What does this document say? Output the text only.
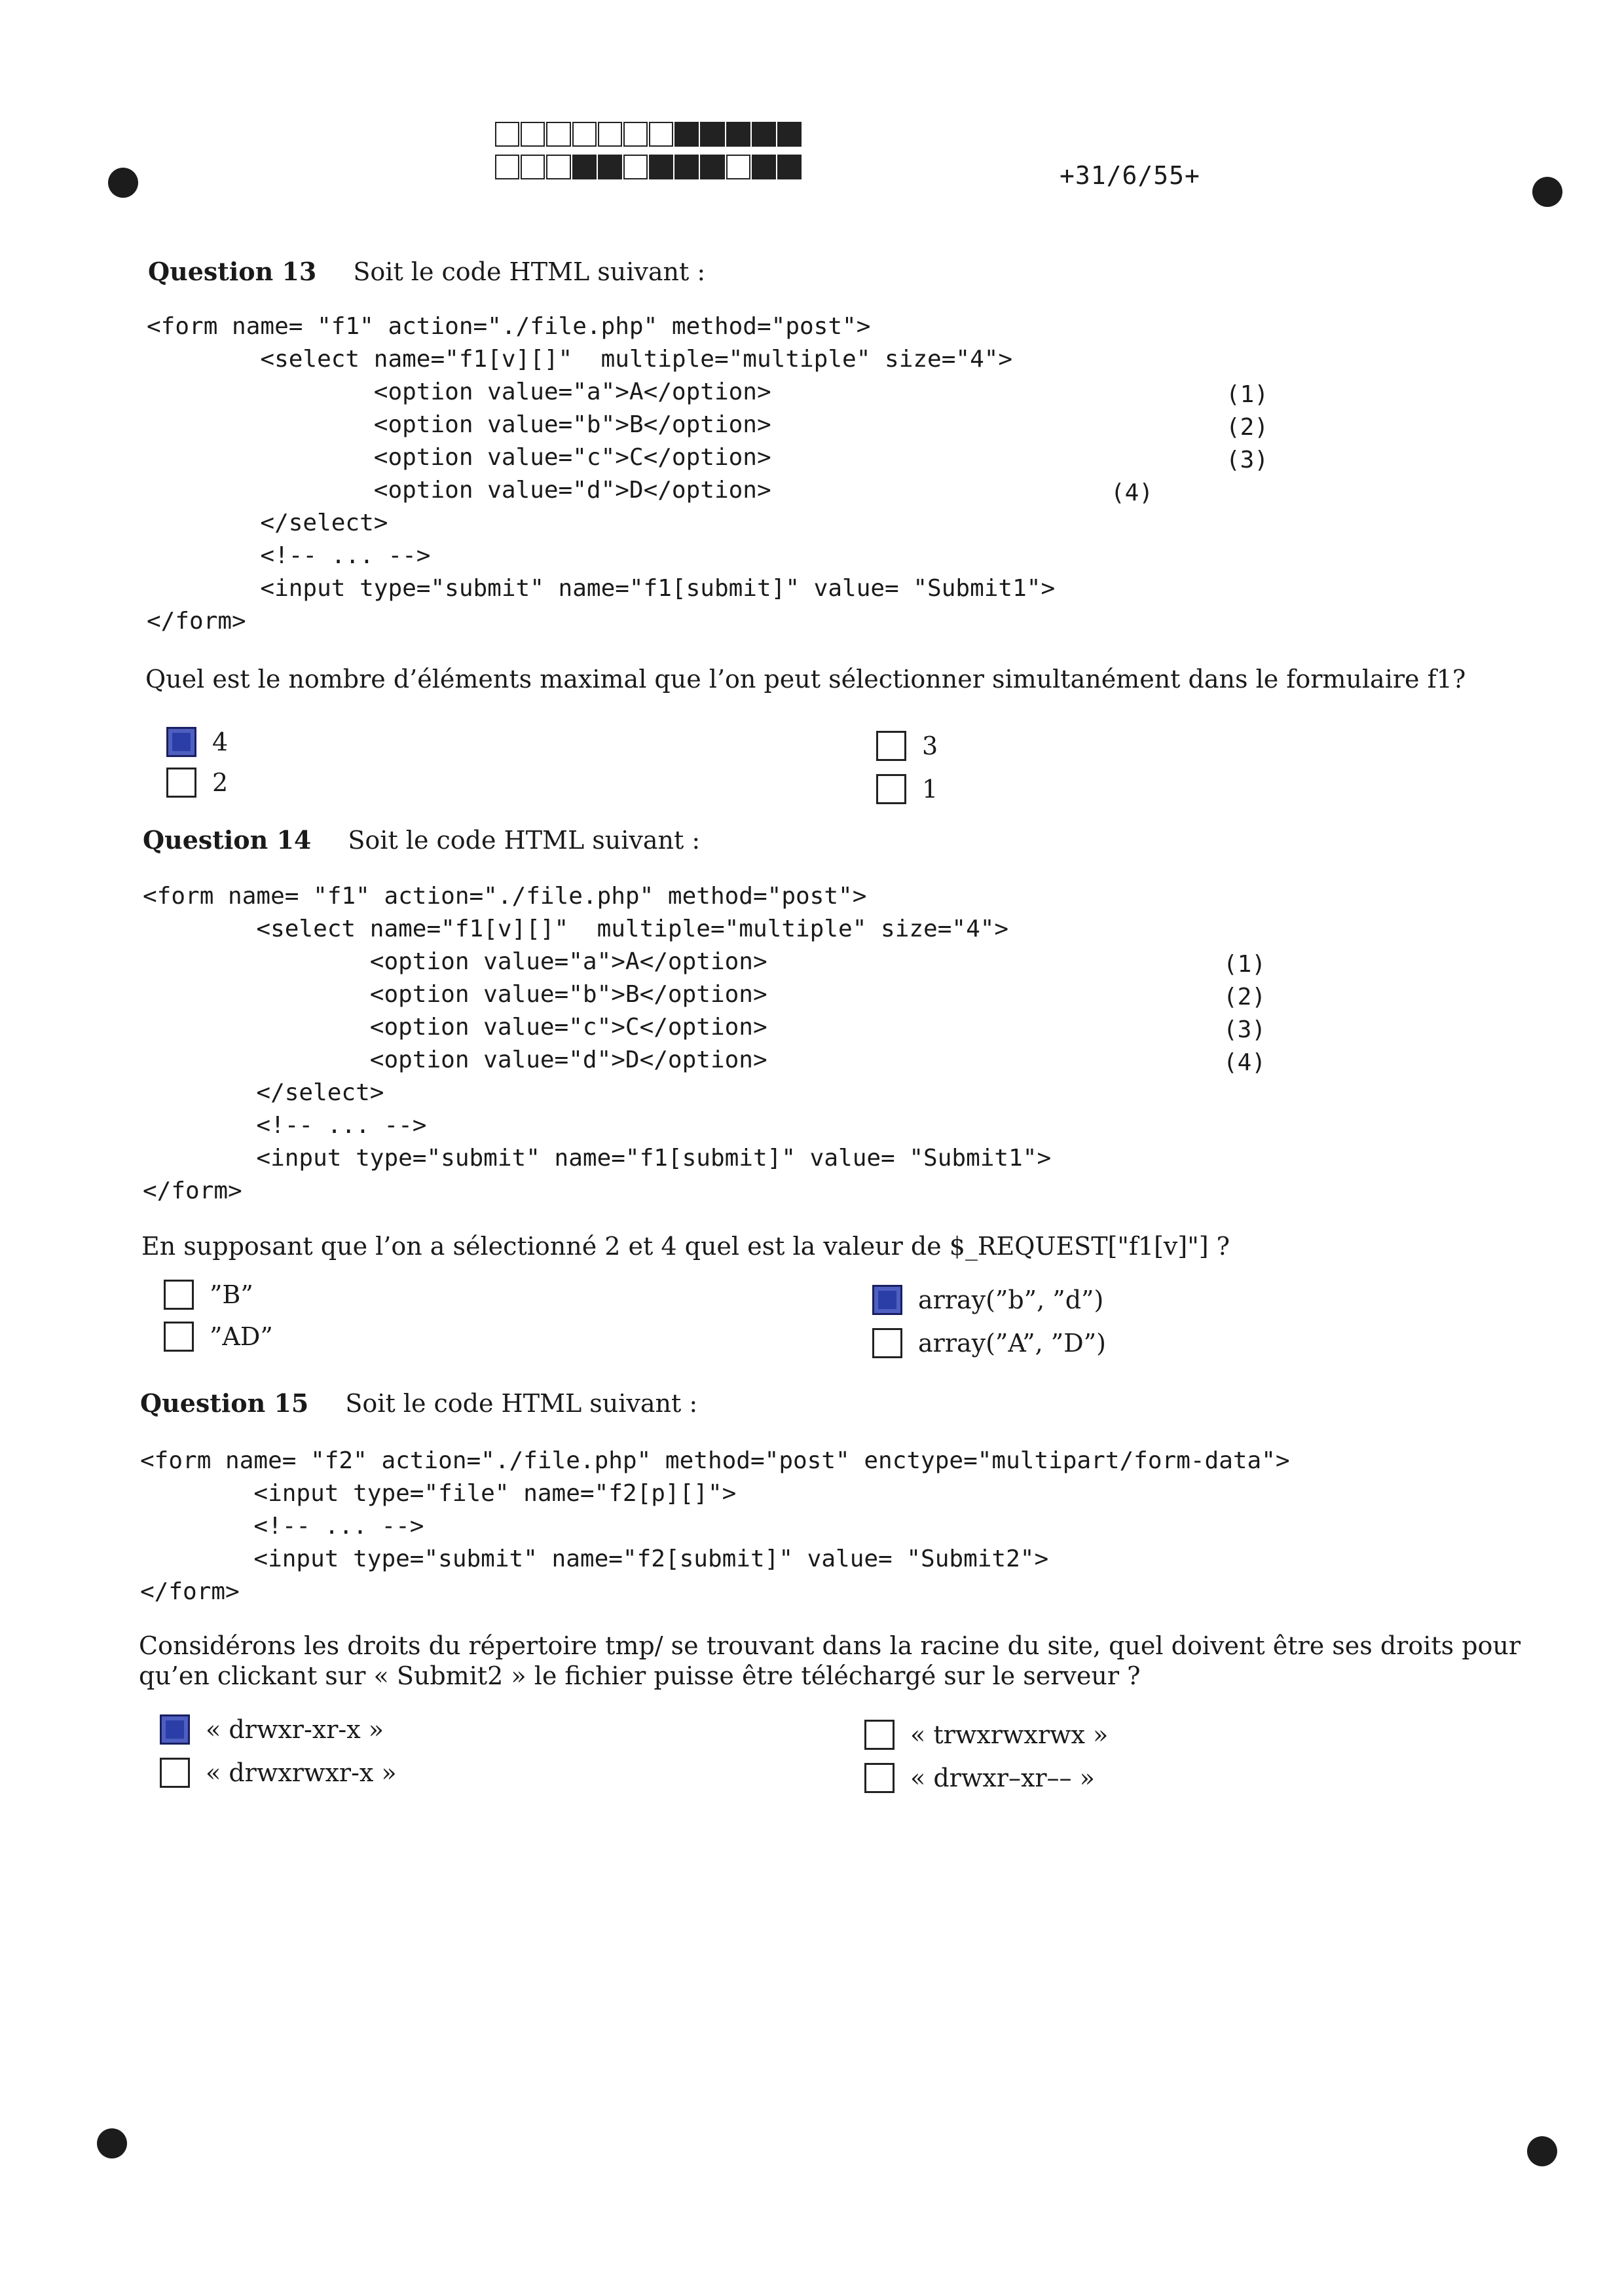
+31/6/55+
Question 13 Soit le code HTML suivant :
<form name= "f1" action="./file.php" method="post">
<select name="f1[v][]"  multiple="multiple" size="4">
<option value="a">A</option>
<option value="b">B</option>
<option value="c">C</option>
<option value="d">D</option>
</select>
<!-- ... -->
<input type="submit" name="f1[submit]" value= "Submit1">
</form>
(1)
(2)
(3)
(4)
Quel est le nombre d’éléments maximal que l’on peut sélectionner simultanément dans le formulaire f1?
4
2
3
1
Question 14 Soit le code HTML suivant :
<form name= "f1" action="./file.php" method="post">
<select name="f1[v][]"  multiple="multiple" size="4">
<option value="a">A</option>
<option value="b">B</option>
<option value="c">C</option>
<option value="d">D</option>
</select>
<!-- ... -->
<input type="submit" name="f1[submit]" value= "Submit1">
</form>
(1)
(2)
(3)
(4)
En supposant que l’on a sélectionné 2 et 4 quel est la valeur de $_REQUEST["f1[v]"] ?
”B”
”AD”
array(”b”, ”d”)
array(”A”, ”D”)
Question 15 Soit le code HTML suivant :
<form name= "f2" action="./file.php" method="post" enctype="multipart/form-data">
<input type="file" name="f2[p][]">
<!-- ... -->
<input type="submit" name="f2[submit]" value= "Submit2">
</form>
Considérons les droits du répertoire tmp/ se trouvant dans la racine du site, quel doivent être ses droits pour qu’en clickant sur « Submit2 » le fichier puisse être téléchargé sur le serveur ?
« drwxr-xr-x »
« drwxrwxr-x »
« trwxrwxrwx »
« drwxr–xr–– »
